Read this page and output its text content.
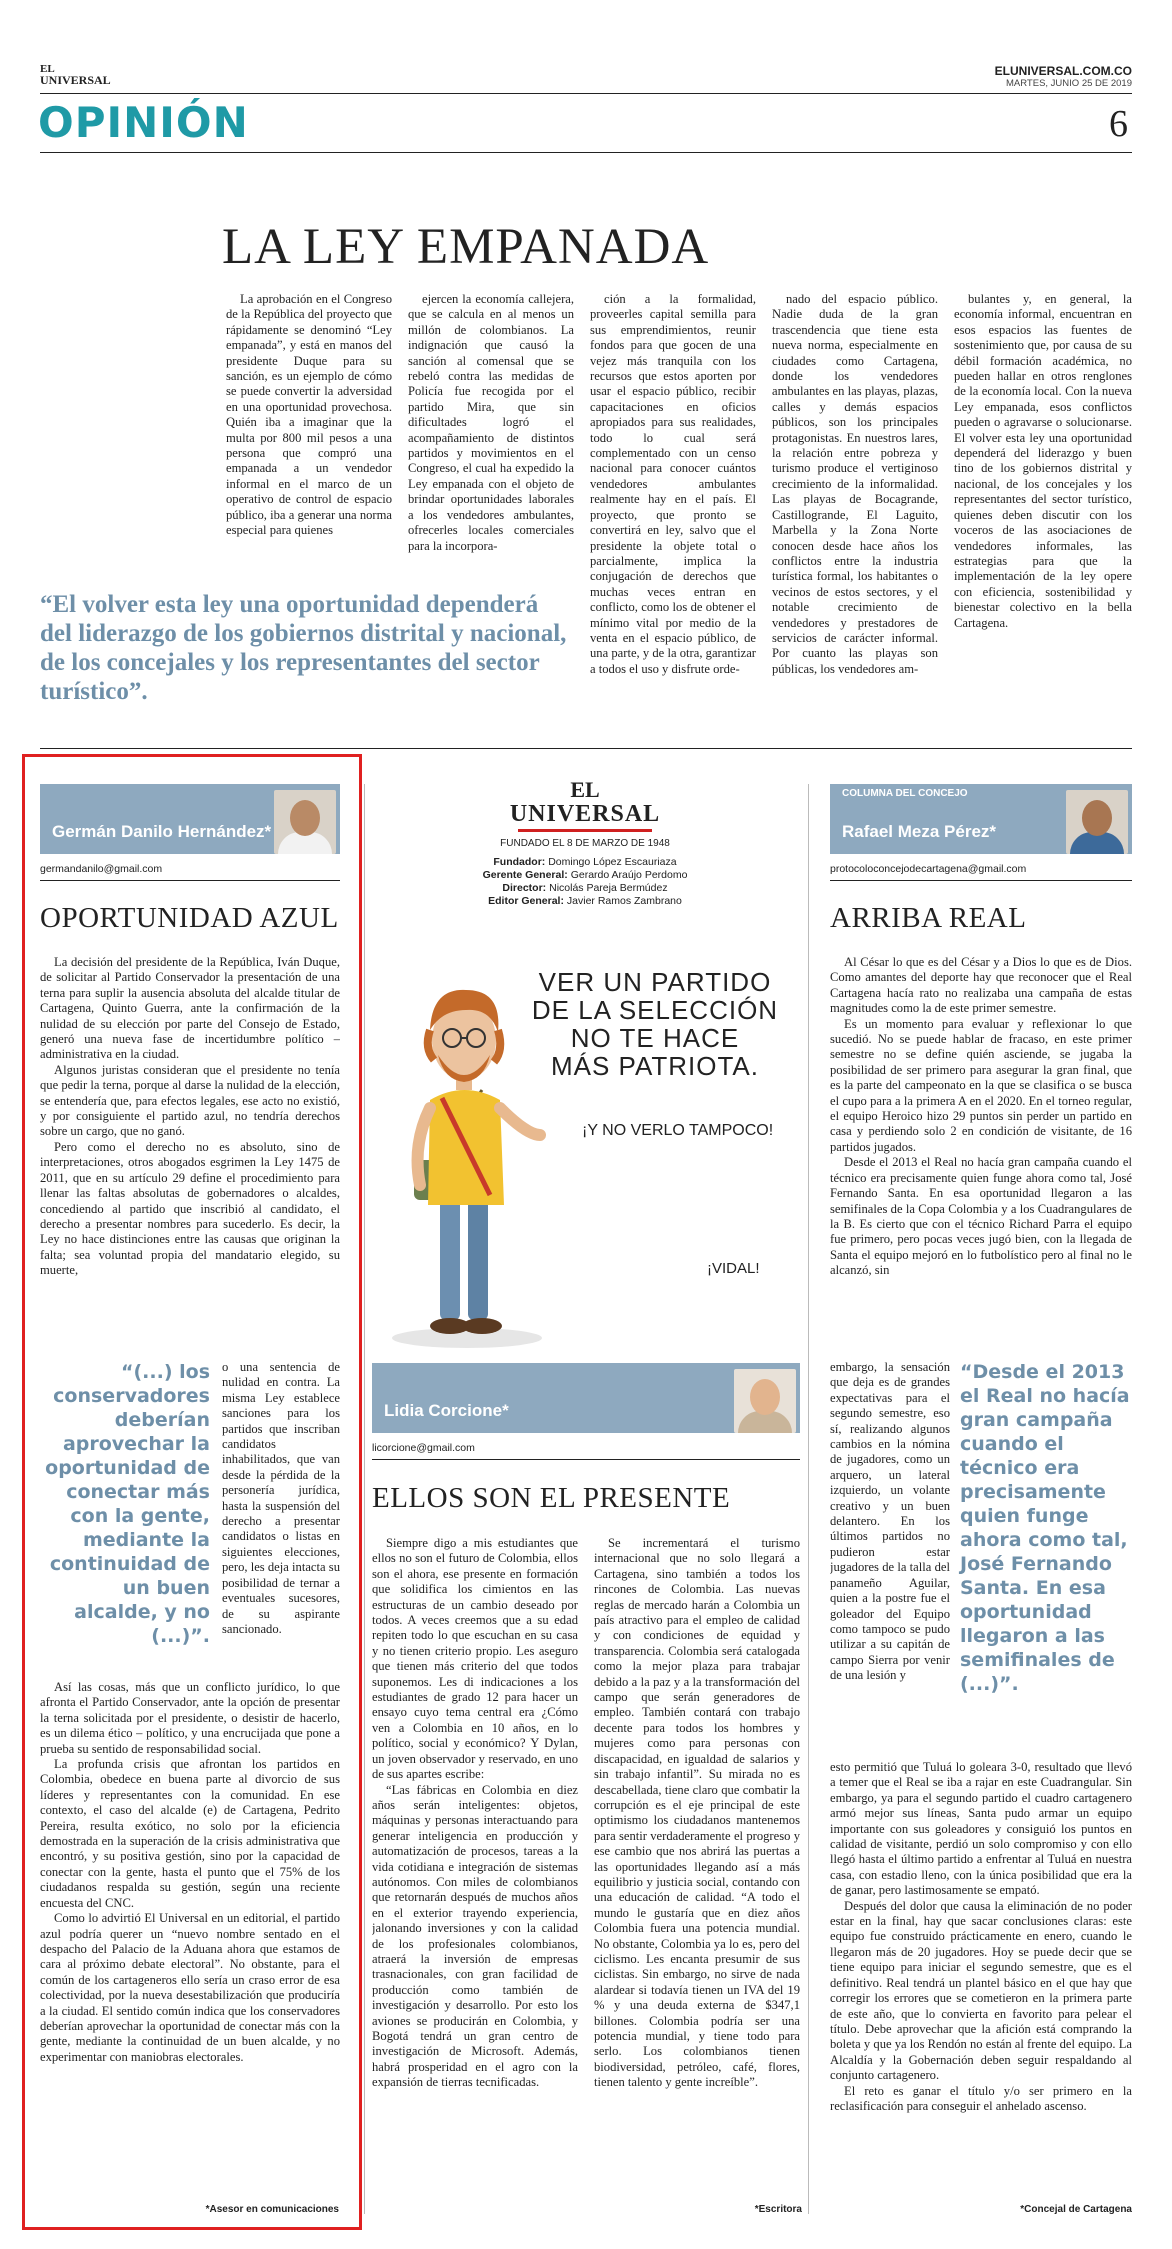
EL
UNIVERSAL
ELUNIVERSAL.COM.CO
MARTES, JUNIO 25 DE 2019
OPINIÓN	6
LA LEY EMPANADA

La aprobación en el Congreso de la República del proyecto que rápidamente se denominó “Ley empanada”, y está en manos del presidente Duque para su sanción, es un ejemplo de cómo se puede convertir la adversidad en una oportunidad provechosa. Quién iba a imaginar que la multa por 800 mil pesos a una persona que compró una empanada a un vendedor informal en el marco de un operativo de control de espacio público, iba a generar una norma especial para quienes

ejercen la economía callejera, que se calcula en al menos un millón de colombianos. La indignación que causó la sanción al comensal que se rebeló contra las medidas de Policía fue recogida por el partido Mira, que sin dificultades logró el acompañamiento de distintos partidos y movimientos en el Congreso, el cual ha expedido la Ley empanada con el objeto de brindar oportunidades laborales a los vendedores ambulantes, ofrecerles locales comerciales para la incorpora-

ción a la formalidad, proveerles capital semilla para sus emprendimientos, reunir fondos para que gocen de una vejez más tranquila con los recursos que estos aporten por usar el espacio público, recibir capacitaciones en oficios apropiados para sus realidades, todo lo cual será complementado con un censo nacional para conocer cuántos vendedores ambulantes realmente hay en el país. El proyecto, que pronto se convertirá en ley, salvo que el presidente la objete total o parcialmente, implica la conjugación de derechos que muchas veces entran en conflicto, como los de obtener el mínimo vital por medio de la venta en el espacio público, de una parte, y de la otra, garantizar a todos el uso y disfrute orde-

nado del espacio público. Nadie duda de la gran trascendencia que tiene esta nueva norma, especialmente en ciudades como Cartagena, donde los vendedores ambulantes en las playas, plazas, calles y demás espacios públicos, son los principales protagonistas. En nuestros lares, la relación entre pobreza y turismo produce el vertiginoso crecimiento de la informalidad. Las playas de Bocagrande, Castillogrande, El Laguito, Marbella y la Zona Norte conocen desde hace años los conflictos entre la industria turística formal, los habitantes o vecinos de estos sectores, y el notable crecimiento de vendedores y prestadores de servicios de carácter informal. Por cuanto las playas son públicas, los vendedores am-

bulantes y, en general, la economía informal, encuentran en esos espacios las fuentes de sostenimiento que, por causa de su débil formación académica, no pueden hallar en otros renglones de la economía local. Con la nueva Ley empanada, esos conflictos pueden o agravarse o solucionarse. El volver esta ley una oportunidad dependerá del liderazgo y buen tino de los gobiernos distrital y nacional, de los concejales y los representantes del sector turístico, quienes deben discutir con los voceros de las asociaciones de vendedores informales, las estrategias para que la implementación de la ley opere con eficiencia, sostenibilidad y bienestar colectivo en la bella Cartagena.

“El volver esta ley una oportunidad dependerá del liderazgo de los gobiernos distrital y nacional, de los concejales y los representantes del sector turístico”.
Germán Danilo Hernández*
germandanilo@gmail.com
OPORTUNIDAD AZUL

La decisión del presidente de la República, Iván Duque, de solicitar al Partido Conservador la presentación de una terna para suplir la ausencia absoluta del alcalde titular de Cartagena, Quinto Guerra, ante la confirmación de la nulidad de su elección por parte del Consejo de Estado, generó una nueva fase de incertidumbre político – administrativa en la ciudad.

Algunos juristas consideran que el presidente no tenía que pedir la terna, porque al darse la nulidad de la elección, se entendería que, para efectos legales, ese acto no existió, y por consiguiente el partido azul, no tendría derechos sobre un cargo, que no ganó.

Pero como el derecho no es absoluto, sino de interpretaciones, otros abogados esgrimen la Ley 1475 de 2011, que en su artículo 29 define el procedimiento para llenar las faltas absolutas de gobernadores o alcaldes, concediendo al partido que inscribió al candidato, el derecho a presentar nombres para sucederlo. Es decir, la Ley no hace distinciones entre las causas que originan la falta; sea voluntad propia del mandatario elegido, su muerte,

“(...) los conservadores deberían aprovechar la oportunidad de conectar más con la gente, mediante la continuidad de un buen alcalde, y no (...)”.

o una sentencia de nulidad en contra. La misma Ley establece sanciones para los partidos que inscriban candidatos inhabilitados, que van desde la pérdida de la personería jurídica, hasta la suspensión del derecho a presentar candidatos o listas en siguientes elecciones, pero, les deja intacta su posibilidad de ternar a eventuales sucesores, de su aspirante sancionado.

Así las cosas, más que un conflicto jurídico, lo que afronta el Partido Conservador, ante la opción de presentar la terna solicitada por el presidente, o desistir de hacerlo, es un dilema ético – político, y una encrucijada que pone a prueba su sentido de responsabilidad social.

La profunda crisis que afrontan los partidos en Colombia, obedece en buena parte al divorcio de sus líderes y representantes con la comunidad. En ese contexto, el caso del alcalde (e) de Cartagena, Pedrito Pereira, resulta exótico, no solo por la eficiencia demostrada en la superación de la crisis administrativa que encontró, y su positiva gestión, sino por la capacidad de conectar con la gente, hasta el punto que el 75% de los ciudadanos respalda su gestión, según una reciente encuesta del CNC.

Como lo advirtió El Universal en un editorial, el partido azul podría querer un “nuevo nombre sentado en el despacho del Palacio de la Aduana ahora que estamos de cara al próximo debate electoral”. No obstante, para el común de los cartageneros ello sería un craso error de esa colectividad, por la nueva desestabilización que produciría a la ciudad. El sentido común indica que los conservadores deberían aprovechar la oportunidad de conectar más con la gente, mediante la continuidad de un buen alcalde, y no experimentar con maniobras electorales.

*Asesor en comunicaciones
EL
UNIVERSAL
FUNDADO EL 8 DE MARZO DE 1948
Fundador: Domingo López Escauriaza
Gerente General: Gerardo Araújo Perdomo
Director: Nicolás Pareja Bermúdez
Editor General: Javier Ramos Zambrano
VER UN PARTIDO
DE LA SELECCIÓN
NO TE HACE
MÁS PATRIOTA.
¡Y NO VERLO TAMPOCO!
¡VIDAL!
Lidia Corcione*
licorcione@gmail.com
ELLOS SON EL PRESENTE

Siempre digo a mis estudiantes que ellos no son el futuro de Colombia, ellos son el ahora, ese presente en formación que solidifica los cimientos en las estructuras de un cambio deseado por todos. A veces creemos que a su edad repiten todo lo que escuchan en su casa y no tienen criterio propio. Les aseguro que tienen más criterio del que todos suponemos. Les di indicaciones a los estudiantes de grado 12 para hacer un ensayo cuyo tema central era ¿Cómo ven a Colombia en 10 años, en lo político, social y económico? Y Dylan, un joven observador y reservado, en uno de sus apartes escribe:

“Las fábricas en Colombia en diez años serán inteligentes: objetos, máquinas y personas interactuando para generar inteligencia en producción y automatización de procesos, tareas a la vida cotidiana e integración de sistemas autónomos. Con miles de colombianos que retornarán después de muchos años en el exterior trayendo experiencia, jalonando inversiones y con la calidad de los profesionales colombianos, atraerá la inversión de empresas trasnacionales, con gran facilidad de producción como también de investigación y desarrollo. Por esto los aviones se producirán en Colombia, y Bogotá tendrá un gran centro de investigación de Microsoft. Además, habrá prosperidad en el agro con la expansión de tierras tecnificadas.

Se incrementará el turismo internacional que no solo llegará a Cartagena, sino también a todos los rincones de Colombia. Las nuevas reglas de mercado harán a Colombia un país atractivo para el empleo de calidad y con condiciones de equidad y transparencia. Colombia será catalogada como la mejor plaza para trabajar debido a la paz y a la transformación del campo que serán generadores de empleo. También contará con trabajo decente para todos los hombres y mujeres como para personas con discapacidad, en igualdad de salarios y sin trabajo infantil”. Su mirada no es descabellada, tiene claro que combatir la corrupción es el eje principal de este optimismo los ciudadanos mantenemos para sentir verdaderamente el progreso y ese cambio que nos abrirá las puertas a las oportunidades llegando así a más equilibrio y justicia social, contando con una educación de calidad. “A todo el mundo le gustaría que en diez años Colombia fuera una potencia mundial. No obstante, Colombia ya lo es, pero del ciclismo. Les encanta presumir de sus ciclistas. Sin embargo, no sirve de nada alardear si todavía tienen un IVA del 19 % y una deuda externa de $347,1 billones. Colombia podría ser una potencia mundial, y tiene todo para serlo. Los colombianos tienen biodiversidad, petróleo, café, flores, tienen talento y gente increíble”.

*Escritora
COLUMNA DEL CONCEJO
Rafael Meza Pérez*
protocoloconcejodecartagena@gmail.com
ARRIBA REAL

Al César lo que es del César y a Dios lo que es de Dios. Como amantes del deporte hay que reconocer que el Real Cartagena hacía rato no realizaba una campaña de estas magnitudes como la de este primer semestre.

Es un momento para evaluar y reflexionar lo que sucedió. No se puede hablar de fracaso, en este primer semestre no se define quién asciende, se jugaba la posibilidad de ser primero para asegurar la gran final, que es la parte del campeonato en la que se clasifica o se busca el cupo para a la primera A en el 2020. En el torneo regular, el equipo Heroico hizo 29 puntos sin perder un partido en casa y perdiendo solo 2 en condición de visitante, de 16 partidos jugados.

Desde el 2013 el Real no hacía gran campaña cuando el técnico era precisamente quien funge ahora como tal, José Fernando Santa. En esa oportunidad llegaron a las semifinales de la Copa Colombia y a los Cuadrangulares de la B. Es cierto que con el técnico Richard Parra el equipo fue primero, pero pocas veces jugó bien, con la llegada de Santa el equipo mejoró en lo futbolístico pero al final no le alcanzó, sin

embargo, la sensación que deja es de grandes expectativas para el segundo semestre, eso sí, realizando algunos cambios en la nómina de jugadores, como un arquero, un lateral izquierdo, un volante creativo y un buen delantero. En los últimos partidos no pudieron estar jugadores de la talla del panameño Aguilar, quien a la postre fue el goleador del Equipo como tampoco se pudo utilizar a su capitán de campo Sierra por venir de una lesión y

“Desde el 2013 el Real no hacía gran campaña cuando el técnico era precisamente quien funge ahora como tal, José Fernando Santa. En esa oportunidad llegaron a las semifinales de (...)”.

esto permitió que Tuluá lo goleara 3-0, resultado que llevó a temer que el Real se iba a rajar en este Cuadrangular. Sin embargo, ya para el segundo partido el cuadro cartagenero armó mejor sus líneas, Santa pudo armar un equipo importante con sus goleadores y consiguió los puntos en calidad de visitante, perdió un solo compromiso y con ello llegó hasta el último partido a enfrentar al Tuluá en nuestra casa, con estadio lleno, con la única posibilidad que era la de ganar, pero lastimosamente se empató.

Después del dolor que causa la eliminación de no poder estar en la final, hay que sacar conclusiones claras: este equipo fue construido prácticamente en enero, cuando le llegaron más de 20 jugadores. Hoy se puede decir que se tiene equipo para iniciar el segundo semestre, que es el definitivo. Real tendrá un plantel básico en el que hay que corregir los errores que se cometieron en la primera parte de este año, que lo convierta en favorito para pelear el título. Debe aprovechar que la afición está comprando la boleta y que ya los Rendón no están al frente del equipo. La Alcaldía y la Gobernación deben seguir respaldando al conjunto cartagenero.

El reto es ganar el título y/o ser primero en la reclasificación para conseguir el anhelado ascenso.

*Concejal de Cartagena
